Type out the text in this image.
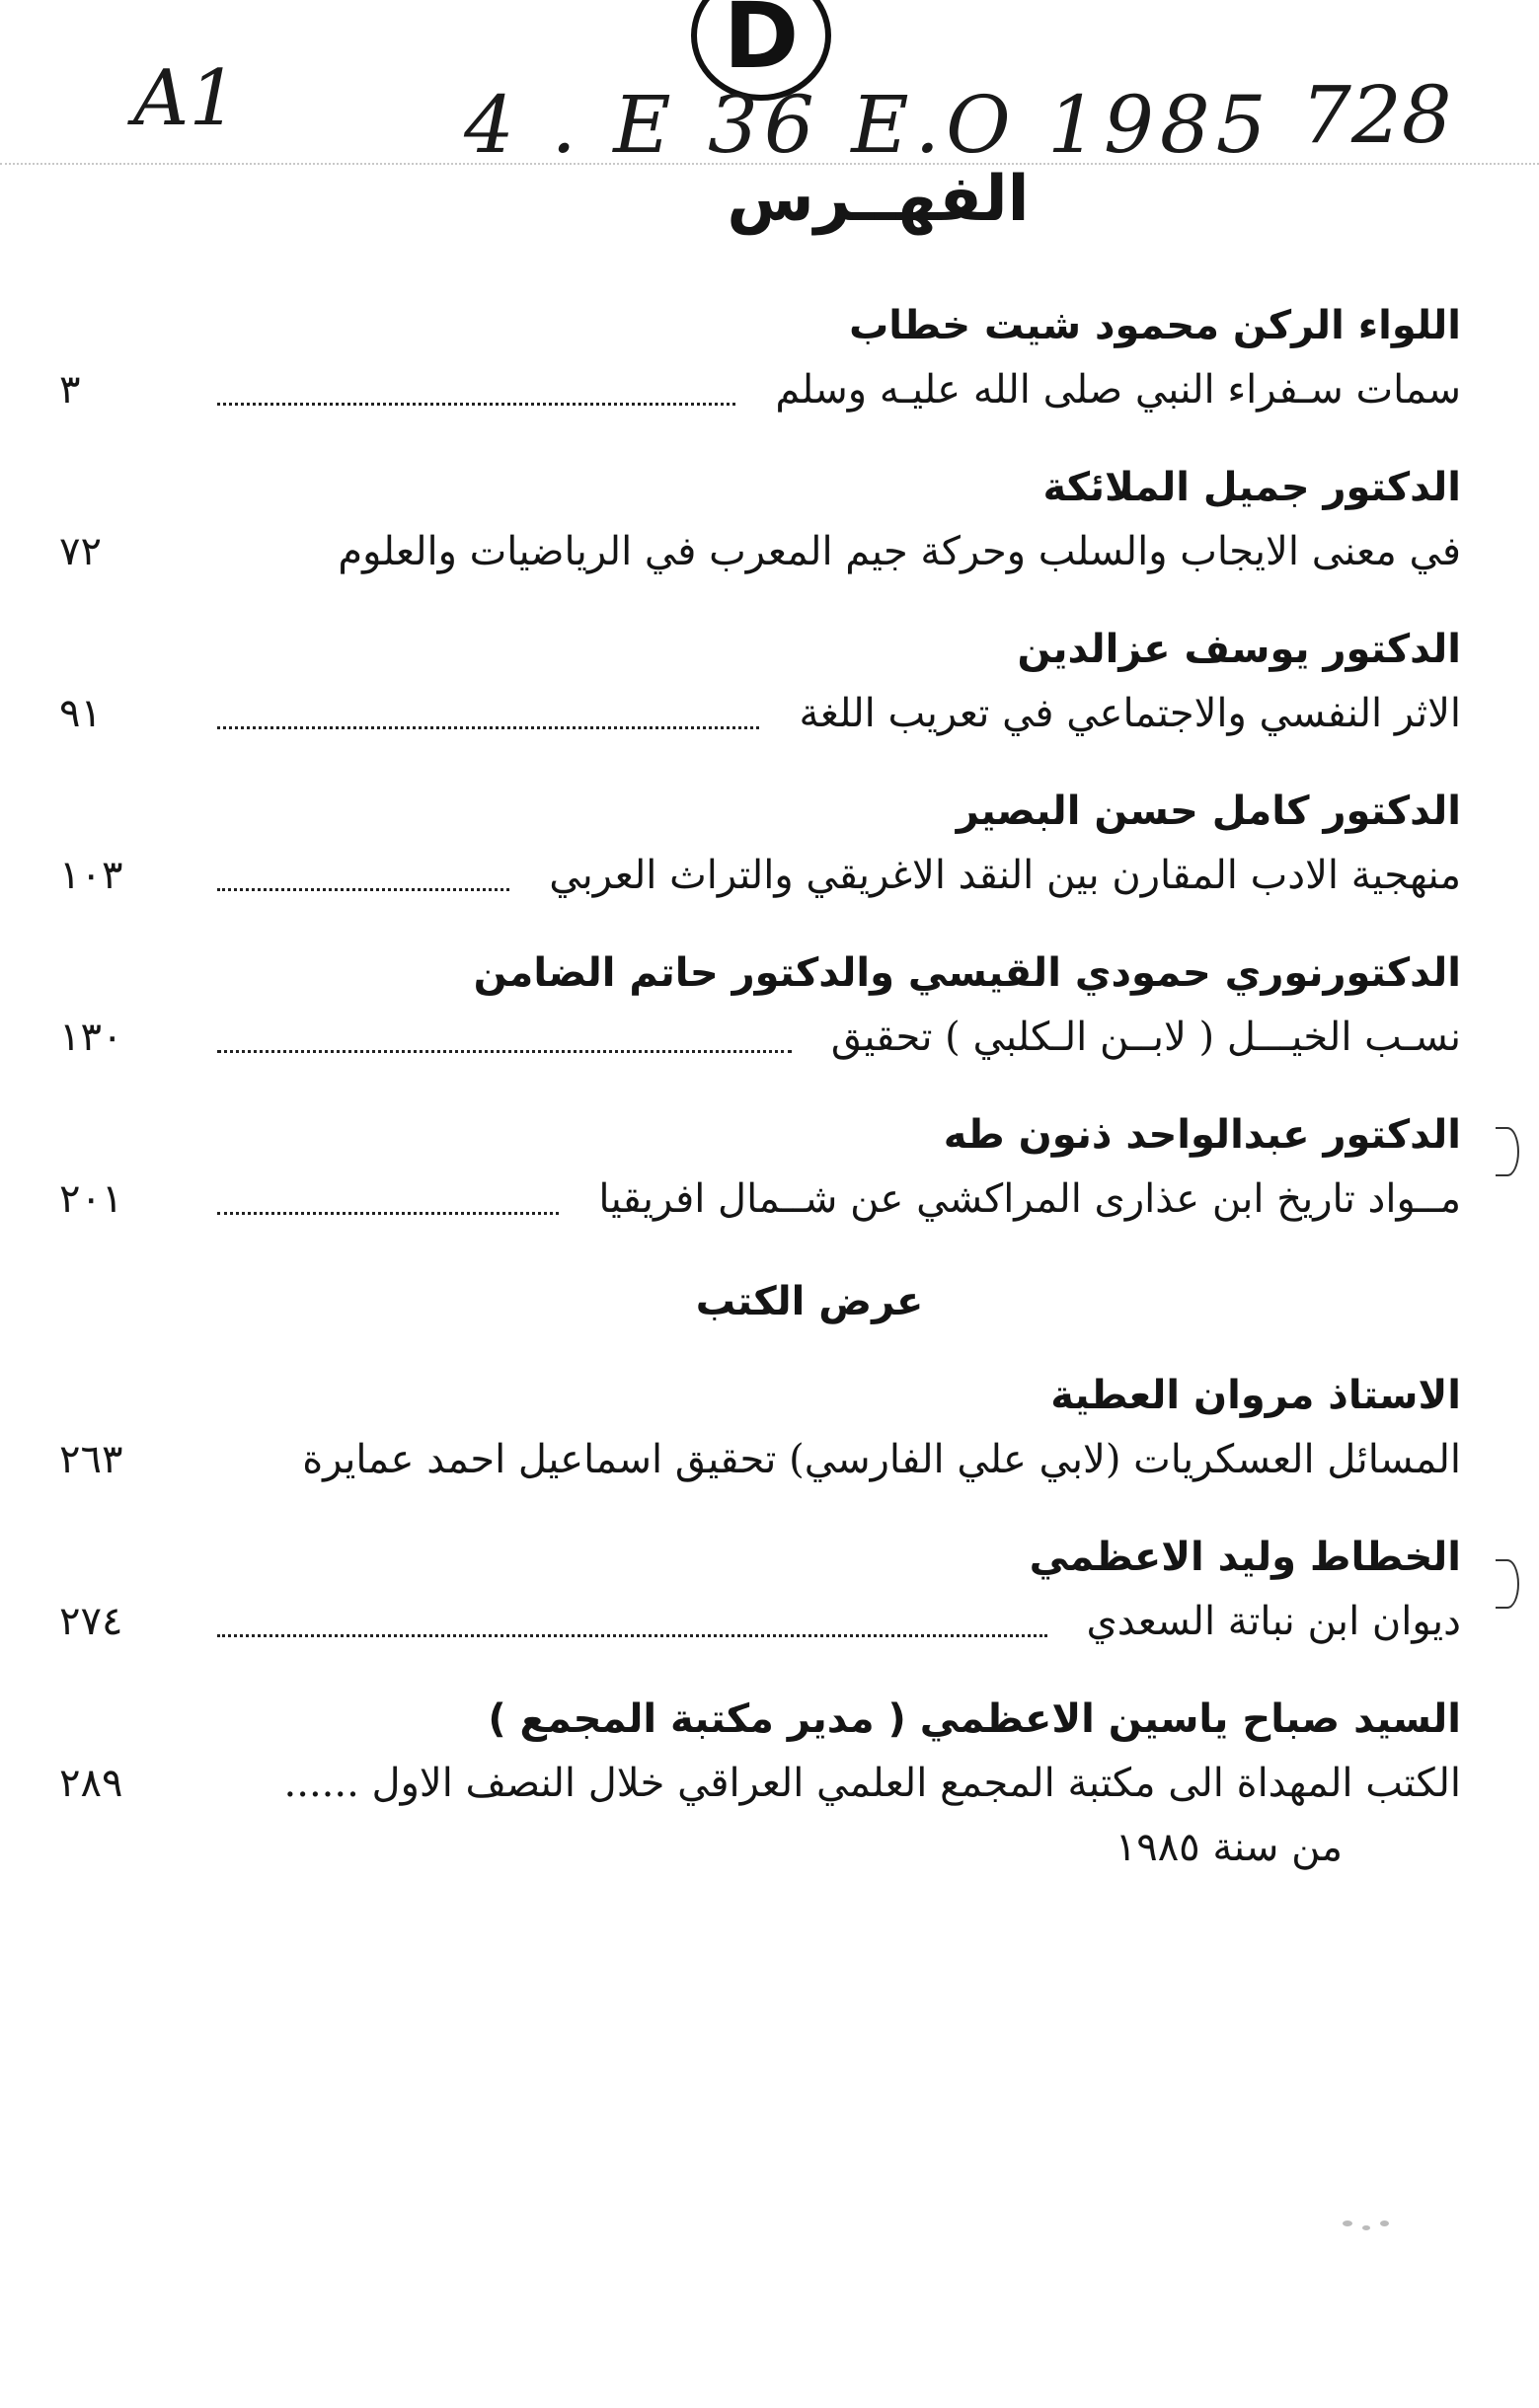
D
A1	4 . E 36 E.O 1985 728
الفهــرس
اللواء الركن محمود شيت خطاب
سمات سـفراء النبي صلى الله عليـه وسلم
٣
الدكتور جميل الملائكة
في معنى الايجاب والسلب وحركة جيم المعرب في الرياضيات والعلوم
٧٢
الدكتور يوسف عزالدين
الاثر النفسي والاجتماعي في تعريب اللغة
٩١
الدكتور كامل حسن البصير
منهجية الادب المقارن بين النقد الاغريقي والتراث العربي
١٠٣
الدكتورنوري حمودي القيسي والدكتور حاتم الضامن
نسـب الخيـــل ( لابــن الـكلبي ) تحقيق
١٣٠
الدكتور عبدالواحد ذنون طه
مــواد تاريخ ابن عذارى المراكشي عن شــمال افريقيا
٢٠١
عرض الكتب
الاستاذ مروان العطية
المسائل العسكريات (لابي علي الفارسي) تحقيق اسماعيل احمد عمايرة
٢٦٣
الخطاط وليد الاعظمي
ديوان ابن نباتة السعدي
٢٧٤
السيد صباح ياسين الاعظمي ( مدير مكتبة المجمع )
الكتب المهداة الى مكتبة المجمع العلمي العراقي خلال النصف الاول ......
٢٨٩
من سنة ١٩٨٥
